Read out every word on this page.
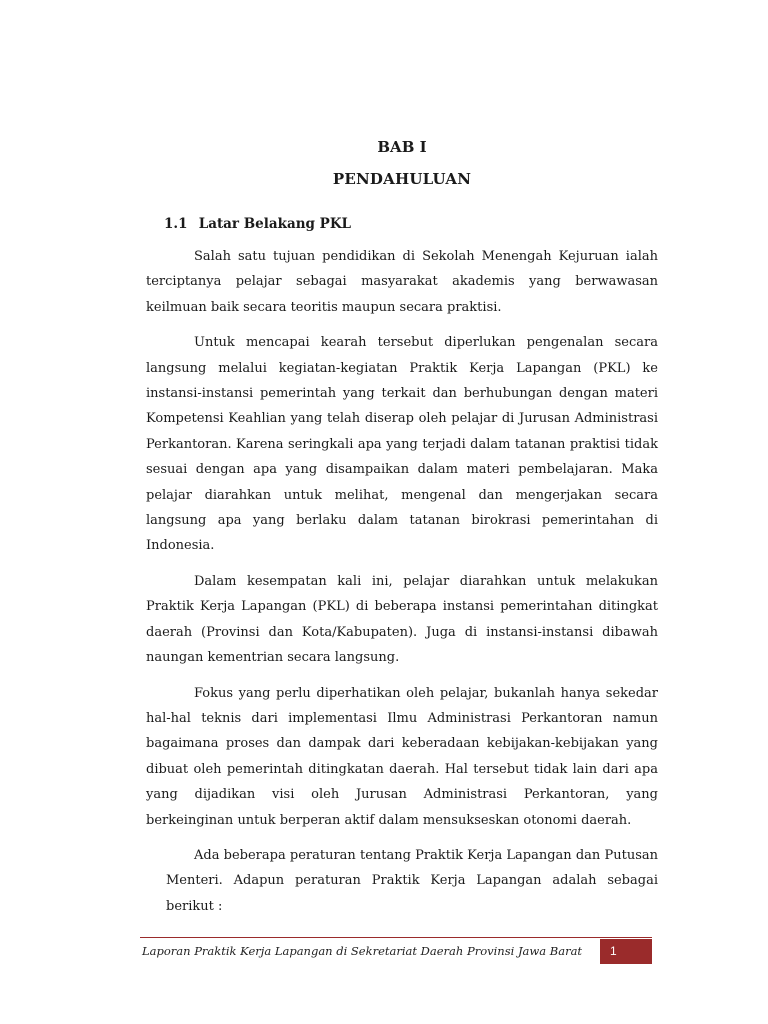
BAB I
PENDAHULUAN
1.1 Latar Belakang PKL

Salah satu tujuan pendidikan di Sekolah Menengah Kejuruan ialah terciptanya pelajar sebagai masyarakat akademis yang berwawasan keilmuan baik secara teoritis maupun secara praktisi.

Untuk mencapai kearah tersebut diperlukan pengenalan secara langsung melalui kegiatan-kegiatan Praktik Kerja Lapangan (PKL) ke instansi-instansi pemerintah yang terkait dan berhubungan dengan materi Kompetensi Keahlian yang telah diserap oleh pelajar di Jurusan Administrasi Perkantoran. Karena seringkali apa yang terjadi dalam tatanan praktisi tidak sesuai dengan apa yang disampaikan dalam materi pembelajaran. Maka pelajar diarahkan untuk melihat, mengenal dan mengerjakan secara langsung apa yang berlaku dalam tatanan birokrasi pemerintahan di Indonesia.

Dalam kesempatan kali ini, pelajar diarahkan untuk melakukan Praktik Kerja Lapangan (PKL) di beberapa instansi pemerintahan ditingkat daerah (Provinsi dan Kota/Kabupaten). Juga di instansi-instansi dibawah naungan kementrian secara langsung.

Fokus yang perlu diperhatikan oleh pelajar, bukanlah hanya sekedar hal-hal teknis dari implementasi Ilmu Administrasi Perkantoran namun bagaimana proses dan dampak dari keberadaan kebijakan-kebijakan yang dibuat oleh pemerintah ditingkatan daerah. Hal tersebut tidak lain dari apa yang dijadikan visi oleh Jurusan Administrasi Perkantoran, yang berkeinginan untuk berperan aktif dalam mensukseskan otonomi daerah.

Ada beberapa peraturan tentang Praktik Kerja Lapangan dan Putusan Menteri. Adapun peraturan Praktik Kerja Lapangan adalah sebagai berikut :

Laporan Praktik Kerja Lapangan di Sekretariat Daerah Provinsi Jawa Barat	1
